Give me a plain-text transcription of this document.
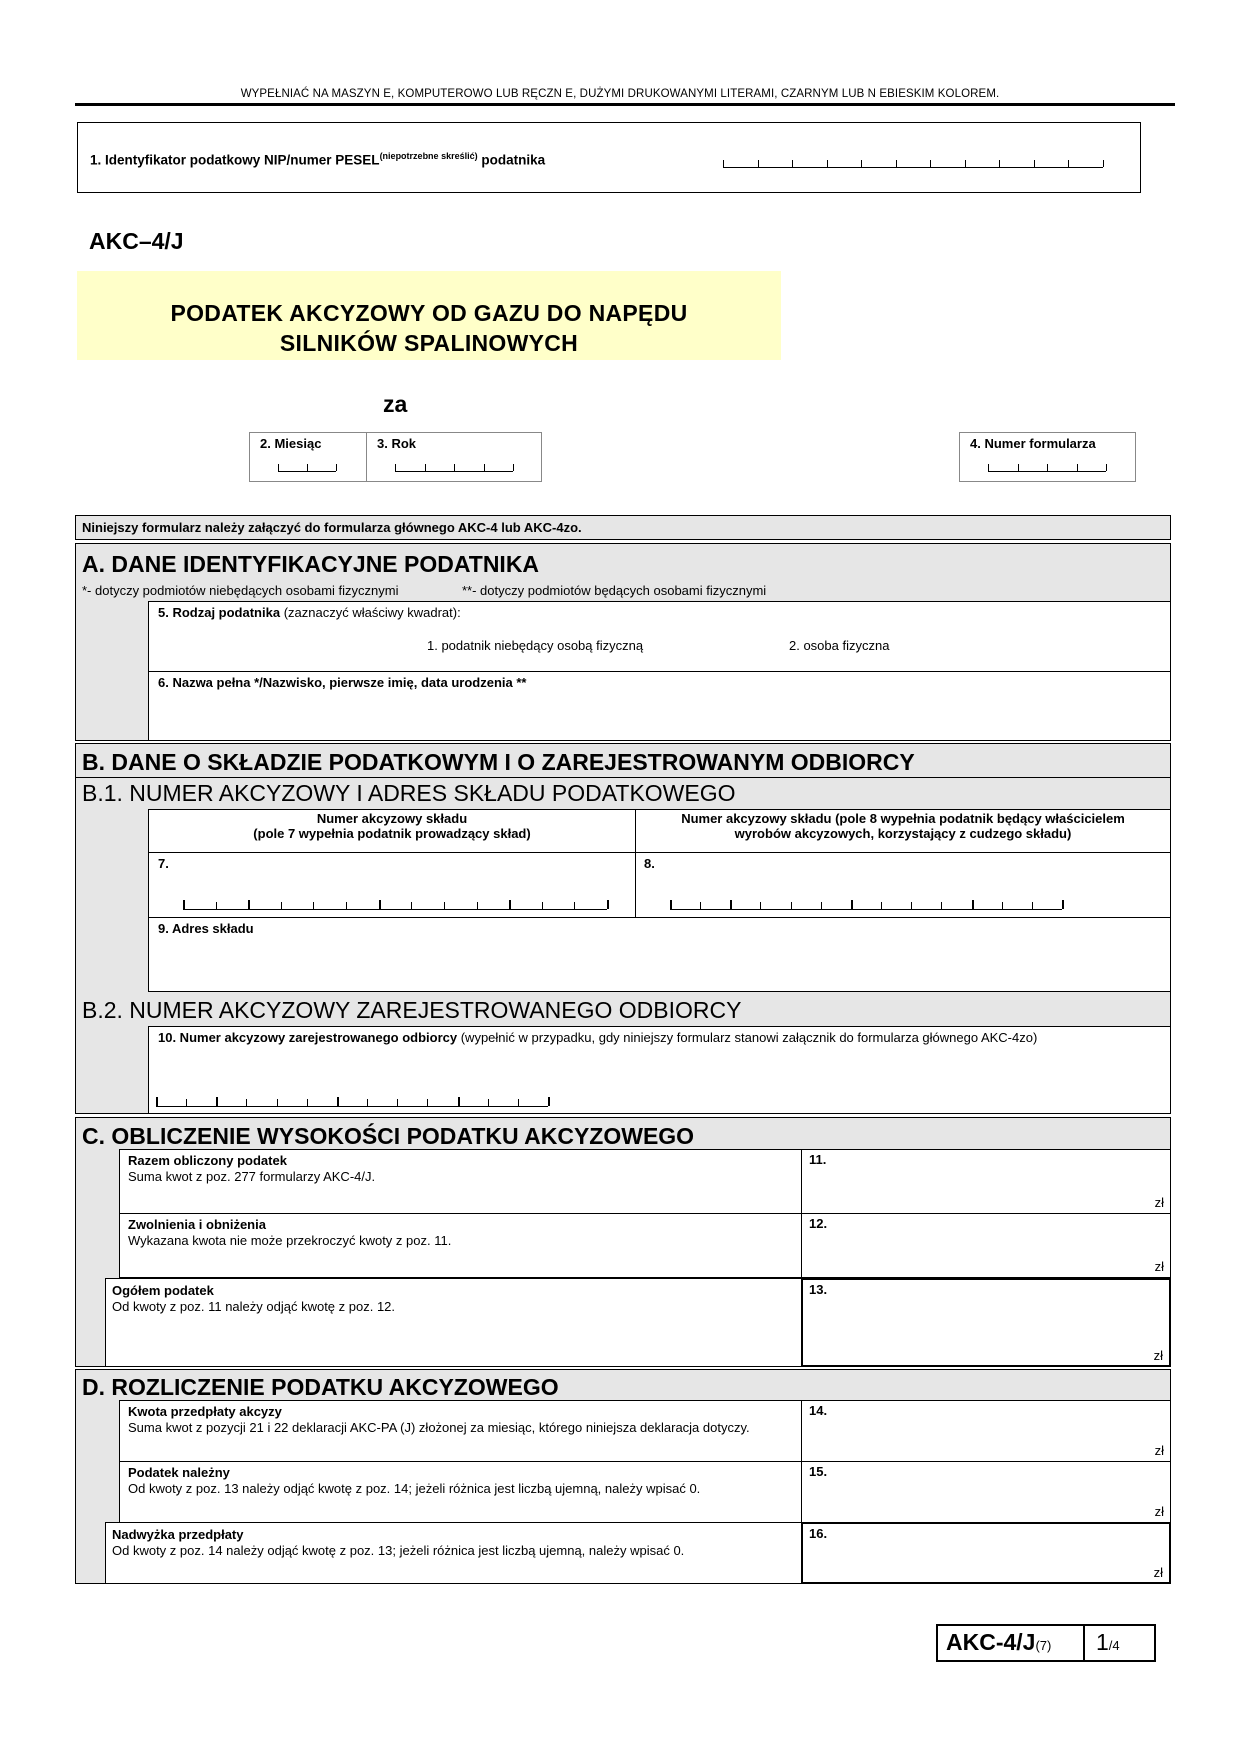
WYPEŁNIAĆ NA MASZYN E, KOMPUTEROWO LUB RĘCZN E, DUŻYMI DRUKOWANYMI LITERAMI, CZARNYM LUB N EBIESKIM KOLOREM.
1. Identyfikator podatkowy NIP/numer $PESEL^{(niepotrzebne skreślić)}$ podatnika
AKC–4/J
PODATEK AKCYZOWY OD GAZU DO NAPĘDU
SILNIKÓW SPALINOWYCH
za
2. Miesiąc	3. Rok	4. Numer formularza
Niniejszy formularz należy załączyć do formularza głównego AKC-4 lub AKC-4zo.
A. DANE IDENTYFIKACYJNE PODATNIKA
*- dotyczy podmiotów niebędących osobami fizycznymi	**- dotyczy podmiotów będących osobami fizycznymi
5. Rodzaj podatnika (zaznaczyć właściwy kwadrat):
1. podatnik niebędący osobą fizyczną	2. osoba fizyczna
6. Nazwa pełna */Nazwisko, pierwsze imię, data urodzenia **
B. DANE O SKŁADZIE PODATKOWYM I O ZAREJESTROWANYM ODBIORCY
B.1. NUMER AKCYZOWY I ADRES SKŁADU PODATKOWEGO
Numer akcyzowy składu
(pole 7 wypełnia podatnik prowadzący skład)
Numer akcyzowy składu (pole 8 wypełnia podatnik będący właścicielem
wyrobów akcyzowych, korzystający z cudzego składu)
7.	8.
9. Adres składu
B.2. NUMER AKCYZOWY ZAREJESTROWANEGO ODBIORCY
10. Numer akcyzowy zarejestrowanego odbiorcy (wypełnić w przypadku, gdy niniejszy formularz stanowi załącznik do formularza głównego AKC-4zo)
C. OBLICZENIE WYSOKOŚCI PODATKU AKCYZOWEGO
Razem obliczony podatek
Suma kwot z poz. 277 formularzy AKC-4/J.
11.
zł
Zwolnienia i obniżenia
Wykazana kwota nie może przekroczyć kwoty z poz. 11.
12.
zł
Ogółem podatek
Od kwoty z poz. 11 należy odjąć kwotę z poz. 12.
13.
zł
D. ROZLICZENIE PODATKU AKCYZOWEGO
Kwota przedpłaty akcyzy
Suma kwot z pozycji 21 i 22 deklaracji AKC-PA (J) złożonej za miesiąc, którego niniejsza deklaracja dotyczy.
14.
zł
Podatek należny
Od kwoty z poz. 13 należy odjąć kwotę z poz. 14; jeżeli różnica jest liczbą ujemną, należy wpisać 0.
15.
zł
Nadwyżka przedpłaty
Od kwoty z poz. 14 należy odjąć kwotę z poz. 13; jeżeli różnica jest liczbą ujemną, należy wpisać 0.
16.
zł
AKC-4/J(7) 1/4
